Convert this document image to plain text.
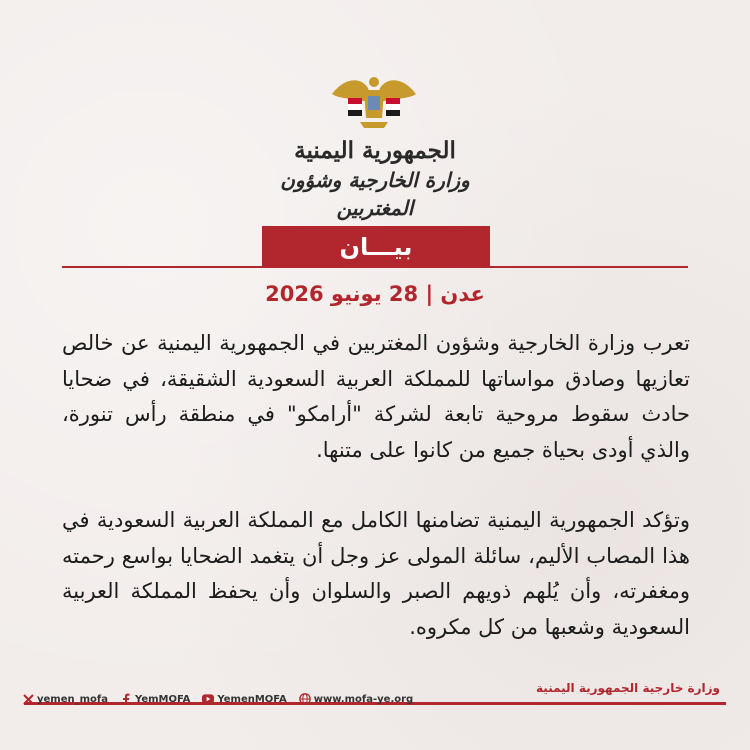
الجمهورية اليمنية
وزارة الخارجية وشؤون المغتربين
بيـــان
عدن | 28 يونيو 2026

تعرب وزارة الخارجية وشؤون المغتربين في الجمهورية اليمنية عن خالص تعازيها وصادق مواساتها للمملكة العربية السعودية الشقيقة، في ضحايا حادث سقوط مروحية تابعة لشركة "أرامكو" في منطقة رأس تنورة، والذي أودى بحياة جميع من كانوا على متنها.

وتؤكد الجمهورية اليمنية تضامنها الكامل مع المملكة العربية السعودية في هذا المصاب الأليم، سائلة المولى عز وجل أن يتغمد الضحايا بواسع رحمته ومغفرته، وأن يُلهم ذويهم الصبر والسلوان وأن يحفظ المملكة العربية السعودية وشعبها من كل مكروه.

وزارة خارجية الجمهورية اليمنية
yemen_mofa	YemMOFA	YemenMOFA	www.mofa-ye.org
